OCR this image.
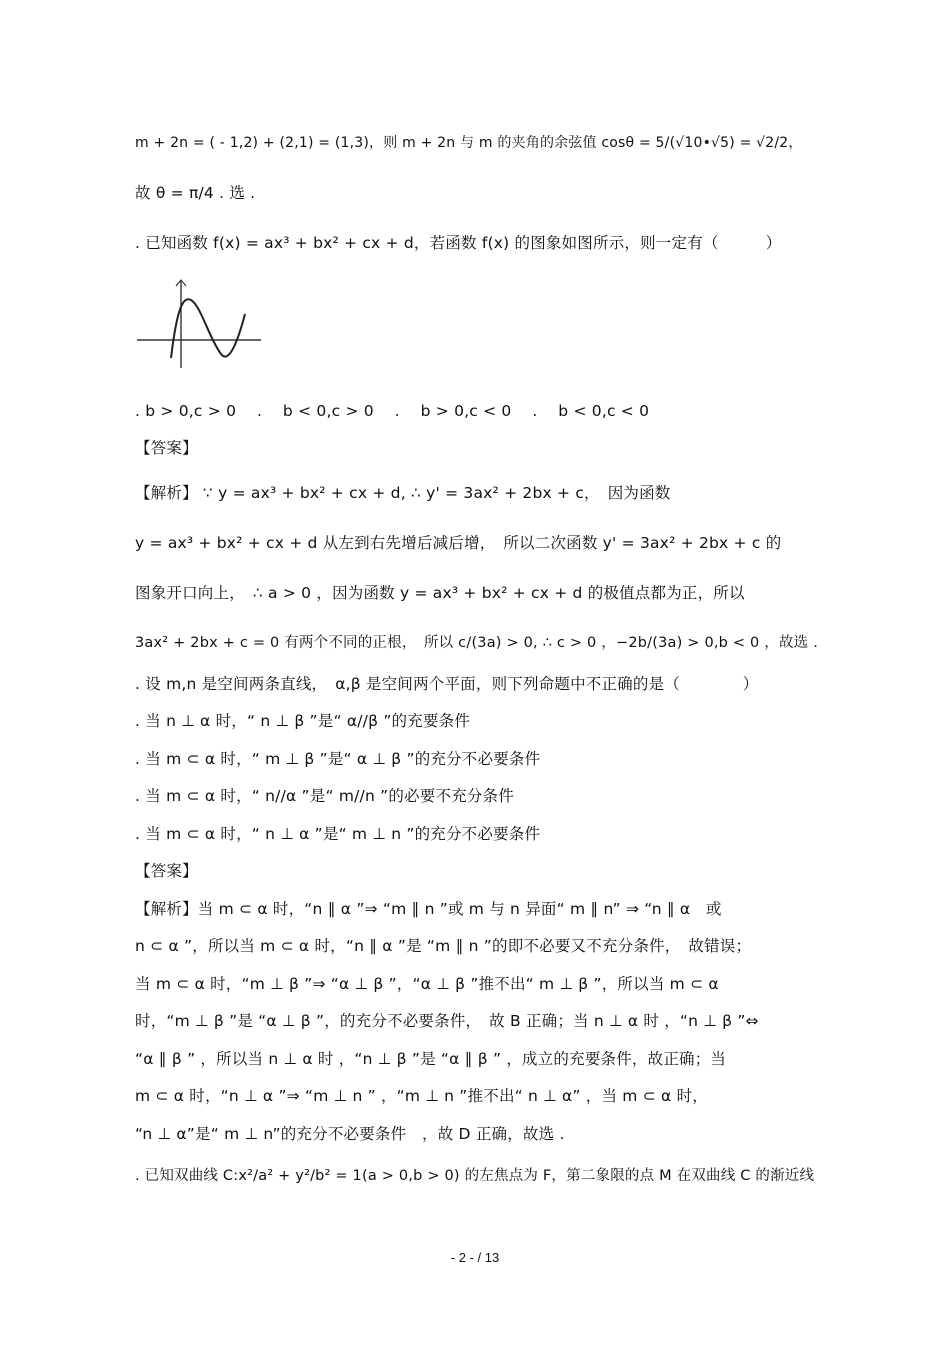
m + 2n = ( - 1,2) + (2,1) = (1,3)，则 m + 2n 与 m 的夹角的余弦值 cosθ = 5/(√10•√5) = √2/2，
故 θ = π/4 . 选 .
. 已知函数 f(x) = ax³ + bx² + cx + d，若函数 f(x) 的图象如图所示，则一定有（　　　）
. b > 0,c > 0　 .　 b < 0,c > 0　 .　 b > 0,c < 0　 .　 b < 0,c < 0
【答案】
【解析】 ∵ y = ax³ + bx² + cx + d, ∴ y' = 3ax² + 2bx + c，　因为函数
y = ax³ + bx² + cx + d 从左到右先增后减后增，　所以二次函数 y' = 3ax² + 2bx + c 的
图象开口向上，　∴ a > 0 ，因为函数 y = ax³ + bx² + cx + d 的极值点都为正，所以
3ax² + 2bx + c = 0 有两个不同的正根，　所以 c/(3a) > 0, ∴ c > 0 ，−2b/(3a) > 0,b < 0 ，故选 .
. 设 m,n 是空间两条直线，　α,β 是空间两个平面，则下列命题中不正确的是（　　　　）
. 当 n ⊥ α 时，“ n ⊥ β ”是“ α//β ”的充要条件
. 当 m ⊂ α 时，“ m ⊥ β ”是“ α ⊥ β ”的充分不必要条件
. 当 m ⊂ α 时，“ n//α ”是“ m//n ”的必要不充分条件
. 当 m ⊂ α 时，“ n ⊥ α ”是“ m ⊥ n ”的充分不必要条件
【答案】
【解析】当 m ⊂ α 时，“n ∥ α ”⇒ “m ∥ n ”或 m 与 n 异面“ m ∥ n” ⇒ “n ∥ α　或
n ⊂ α ”，所以当 m ⊂ α 时，“n ∥ α ”是 “m ∥ n ”的即不必要又不充分条件，　故错误；
当 m ⊂ α 时，“m ⊥ β ”⇒ “α ⊥ β ”，“α ⊥ β ”推不出“ m ⊥ β ”，所以当 m ⊂ α
时，“m ⊥ β ”是 “α ⊥ β ”，的充分不必要条件，　故 B 正确；当 n ⊥ α 时 ，“n ⊥ β ”⇔
“α ∥ β ” ，所以当 n ⊥ α 时 ，“n ⊥ β ”是 “α ∥ β ” ，成立的充要条件，故正确；当
m ⊂ α 时，“n ⊥ α ”⇒ “m ⊥ n ” ，“m ⊥ n ”推不出“ n ⊥ α” ，当 m ⊂ α 时，
“n ⊥ α”是“ m ⊥ n”的充分不必要条件　，故 D 正确，故选 .
. 已知双曲线 C:x²/a² + y²/b² = 1(a > 0,b > 0) 的左焦点为 F，第二象限的点 M 在双曲线 C 的渐近线
- 2 - / 13
